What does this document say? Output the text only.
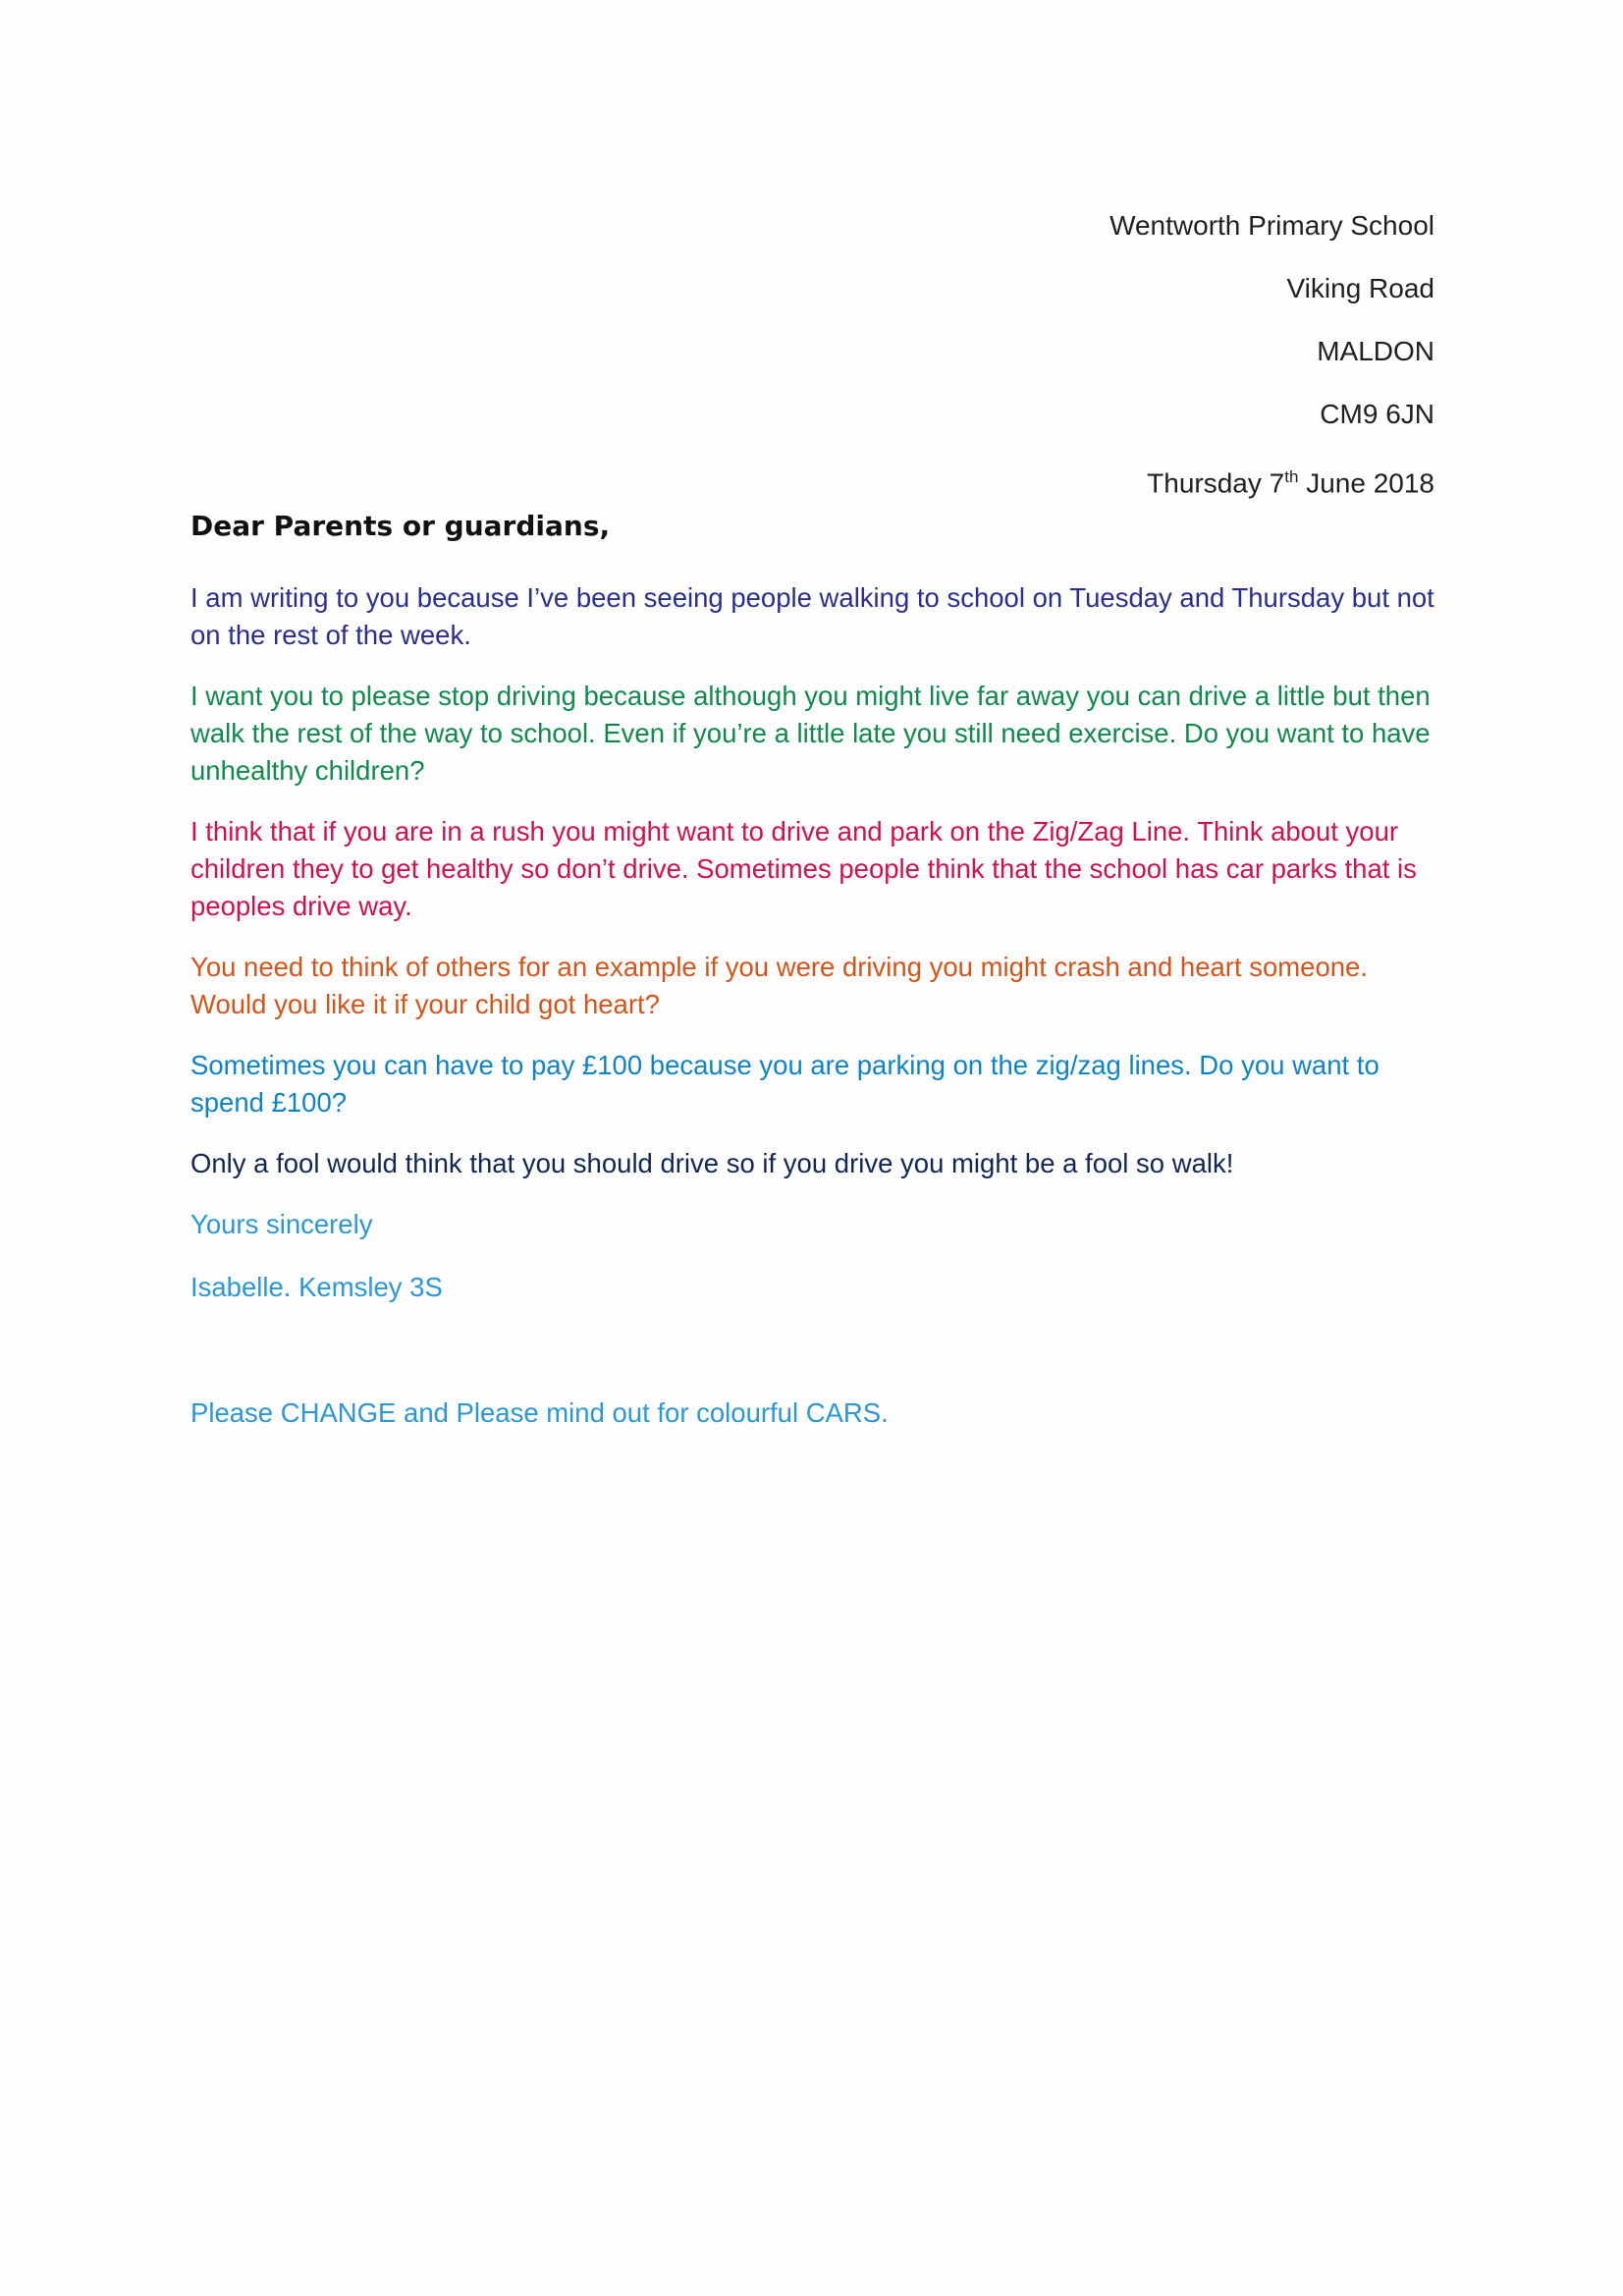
Wentworth Primary School
Viking Road
MALDON
CM9 6JN
Thursday 7th June 2018

Dear Parents or guardians,

I am writing to you because I’ve been seeing people walking to school on Tuesday and Thursday but not on the rest of the week.

I want you to please stop driving because although you might live far away you can drive a little but then walk the rest of the way to school. Even if you’re a little late you still need exercise. Do you want to have unhealthy children?

I think that if you are in a rush you might want to drive and park on the Zig/Zag Line. Think about your children they to get healthy so don’t drive. Sometimes people think that the school has car parks that is peoples drive way.

You need to think of others for an example if you were driving you might crash and heart someone. Would you like it if your child got heart?

Sometimes you can have to pay £100 because you are parking on the zig/zag lines. Do you want to spend £100?

Only a fool would think that you should drive so if you drive you might be a fool so walk!

Yours sincerely

Isabelle. Kemsley 3S

Please CHANGE and Please mind out for colourful CARS.
